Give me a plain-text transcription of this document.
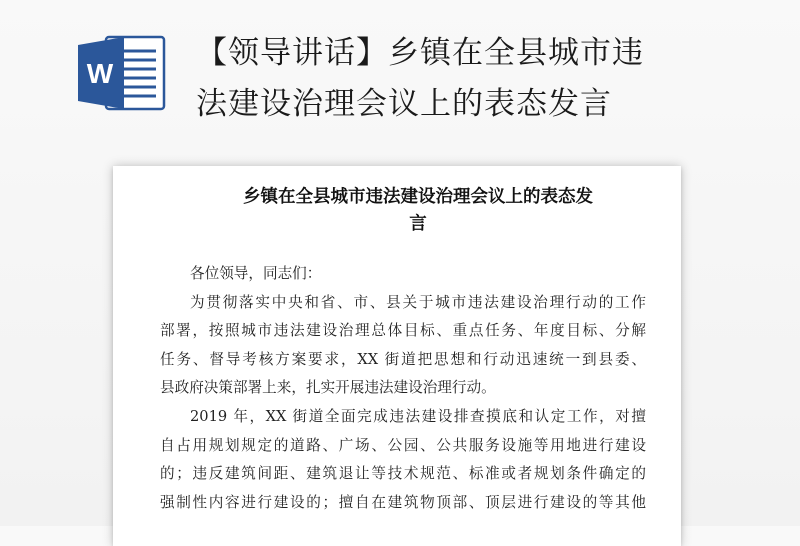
W
【领导讲话】乡镇在全县城市违
法建设治理会议上的表态发言
乡镇在全县城市违法建设治理会议上的表态发
言
各位领导，同志们：
为贯彻落实中央和省、市、县关于城市违法建设治理行动的工作
部署，按照城市违法建设治理总体目标、重点任务、年度目标、分解
任务、督导考核方案要求，XX 街道把思想和行动迅速统一到县委、
县政府决策部署上来，扎实开展违法建设治理行动。
2019 年，XX 街道全面完成违法建设排查摸底和认定工作，对擅
自占用规划规定的道路、广场、公园、公共服务设施等用地进行建设
的；违反建筑间距、建筑退让等技术规范、标准或者规划条件确定的
强制性内容进行建设的；擅自在建筑物顶部、顶层进行建设的等其他
